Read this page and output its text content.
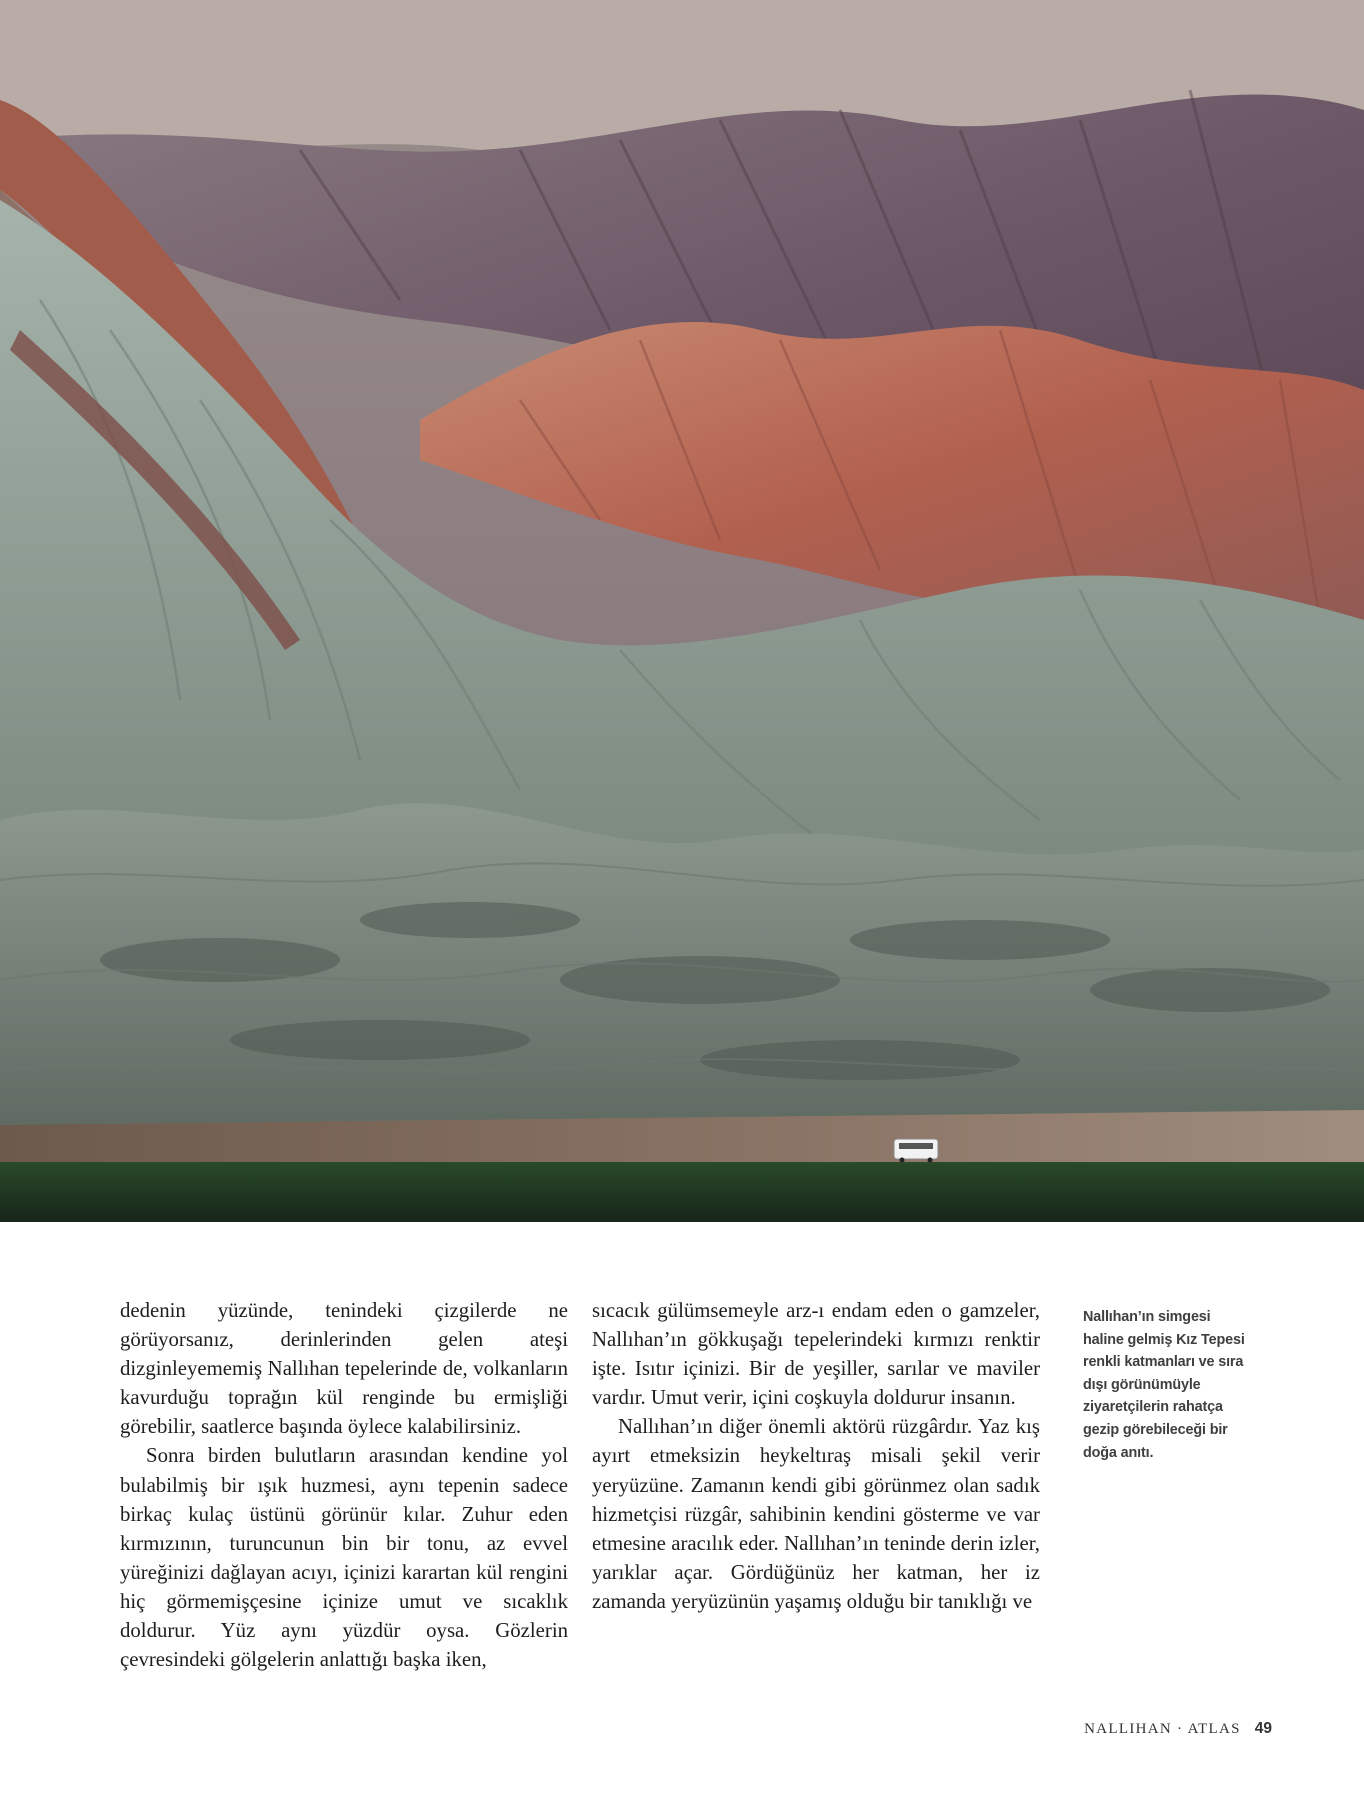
dedenin yüzünde, tenindeki çizgilerde ne görüyorsanız, derinlerinden gelen ateşi dizginleyememiş Nallıhan tepelerinde de, volkanların kavurduğu toprağın kül renginde bu ermişliği görebilir, saatlerce başında öylece kalabilirsiniz.

Sonra birden bulutların arasından kendine yol bulabilmiş bir ışık huzmesi, aynı tepenin sadece birkaç kulaç üstünü görünür kılar. Zuhur eden kırmızının, turuncunun bin bir tonu, az evvel yüreğinizi dağlayan acıyı, içinizi karartan kül rengini hiç görmemişçesine içinize umut ve sıcaklık doldurur. Yüz aynı yüzdür oysa. Gözlerin çevresindeki gölgelerin anlattığı başka iken,

sıcacık gülümsemeyle arz-ı endam eden o gamzeler, Nallıhan’ın gökkuşağı tepelerindeki kırmızı renktir işte. Isıtır içinizi. Bir de yeşiller, sarılar ve maviler vardır. Umut verir, içini coşkuyla doldurur insanın.

Nallıhan’ın diğer önemli aktörü rüzgârdır. Yaz kış ayırt etmeksizin heykeltıraş misali şekil verir yeryüzüne. Zamanın kendi gibi görünmez olan sadık hizmetçisi rüzgâr, sahibinin kendini gösterme ve var etmesine aracılık eder. Nallıhan’ın teninde derin izler, yarıklar açar. Gördüğünüz her katman, her iz zamanda yeryüzünün yaşamış olduğu bir tanıklığı ve

Nallıhan’ın simgesi haline gelmiş Kız Tepesi renkli katmanları ve sıra dışı görünümüyle ziyaretçilerin rahatça gezip görebileceği bir doğa anıtı.
NALLIHAN · ATLAS 49
